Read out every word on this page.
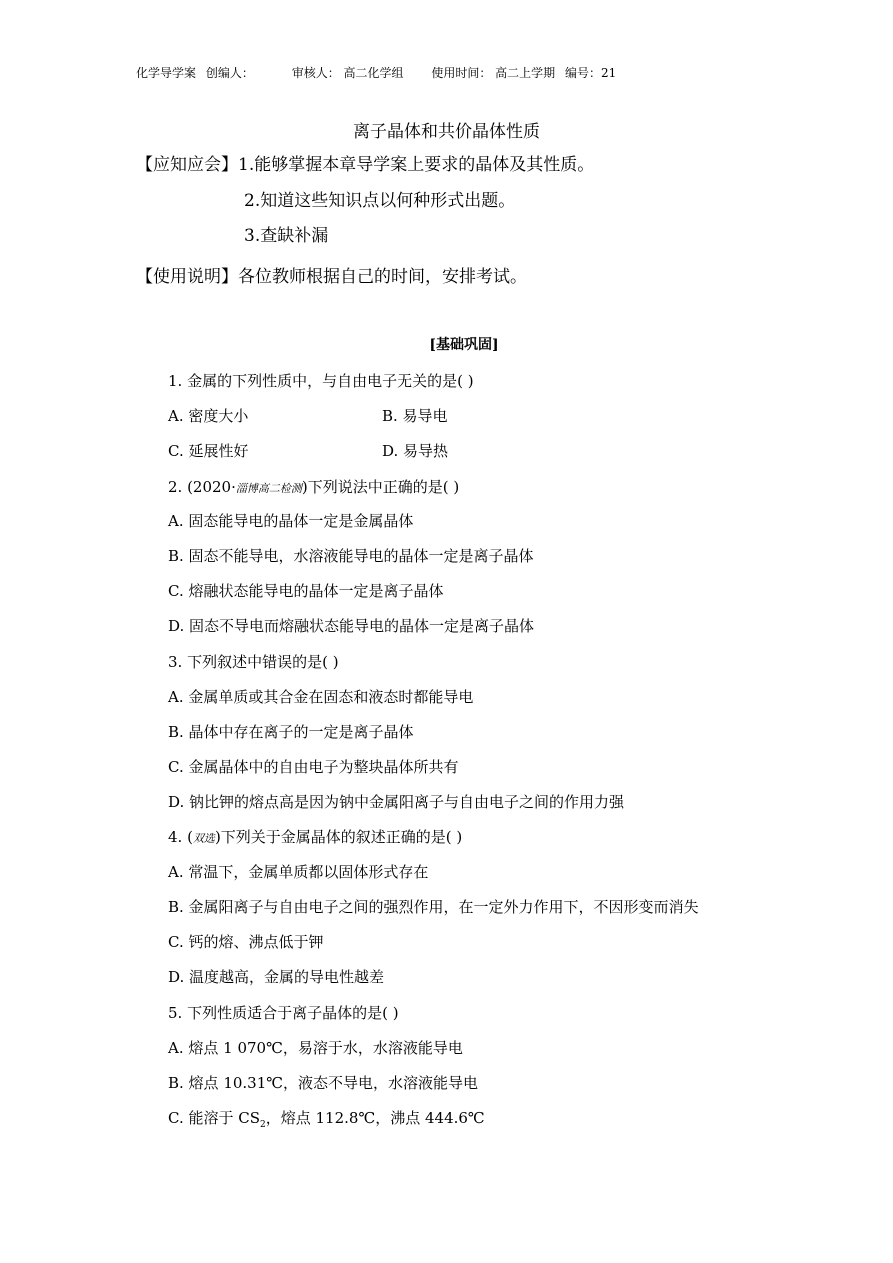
化学导学案 创编人：	审核人： 高二化学组 使用时间： 高二上学期 编号：21
离子晶体和共价晶体性质
【应知应会】1.能够掌握本章导学案上要求的晶体及其性质。
2.知道这些知识点以何种形式出题。
3.查缺补漏
【使用说明】各位教师根据自己的时间，安排考试。
[基础巩固]
1. 金属的下列性质中，与自由电子无关的是( )
A. 密度大小	B. 易导电
C. 延展性好	D. 易导热
2. (2020·淄博高二检测)下列说法中正确的是( )
A. 固态能导电的晶体一定是金属晶体
B. 固态不能导电，水溶液能导电的晶体一定是离子晶体
C. 熔融状态能导电的晶体一定是离子晶体
D. 固态不导电而熔融状态能导电的晶体一定是离子晶体
3. 下列叙述中错误的是( )
A. 金属单质或其合金在固态和液态时都能导电
B. 晶体中存在离子的一定是离子晶体
C. 金属晶体中的自由电子为整块晶体所共有
D. 钠比钾的熔点高是因为钠中金属阳离子与自由电子之间的作用力强
4. (双选)下列关于金属晶体的叙述正确的是( )
A. 常温下，金属单质都以固体形式存在
B. 金属阳离子与自由电子之间的强烈作用，在一定外力作用下，不因形变而消失
C. 钙的熔、沸点低于钾
D. 温度越高，金属的导电性越差
5. 下列性质适合于离子晶体的是( )
A. 熔点 1 070℃，易溶于水，水溶液能导电
B. 熔点 10.31℃，液态不导电，水溶液能导电
C. 能溶于 $CS_2$，熔点 112.8℃，沸点 444.6℃
